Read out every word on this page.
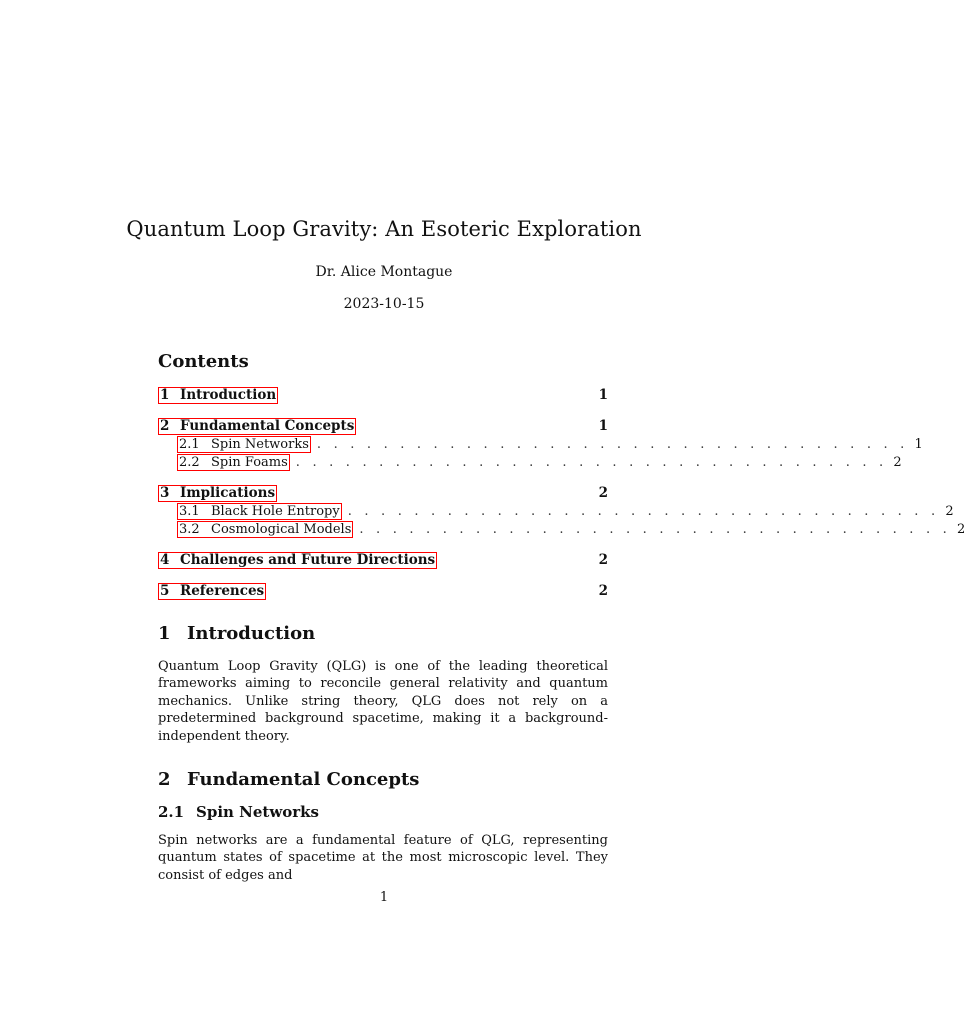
Quantum Loop Gravity: An Esoteric Exploration
Dr. Alice Montague
2023-10-15
Contents
1 Introduction	1
2 Fundamental Concepts	1
2.1 Spin Networks . . . . . . . . . . . . . . . . . . . . . . . . . . . . . . . . . . . . 1
2.2 Spin Foams . . . . . . . . . . . . . . . . . . . . . . . . . . . . . . . . . . . . 2
3 Implications	2
3.1 Black Hole Entropy . . . . . . . . . . . . . . . . . . . . . . . . . . . . . . . . . . . . 2
3.2 Cosmological Models . . . . . . . . . . . . . . . . . . . . . . . . . . . . . . . . . . . . 2
4 Challenges and Future Directions	2
5 References	2
1 Introduction
Quantum Loop Gravity (QLG) is one of the leading theoretical frameworks aiming to reconcile general relativity and quantum mechanics. Unlike string theory, QLG does not rely on a predetermined background spacetime, making it a background-independent theory.
2 Fundamental Concepts
2.1 Spin Networks
Spin networks are a fundamental feature of QLG, representing quantum states of spacetime at the most microscopic level. They consist of edges and
1
